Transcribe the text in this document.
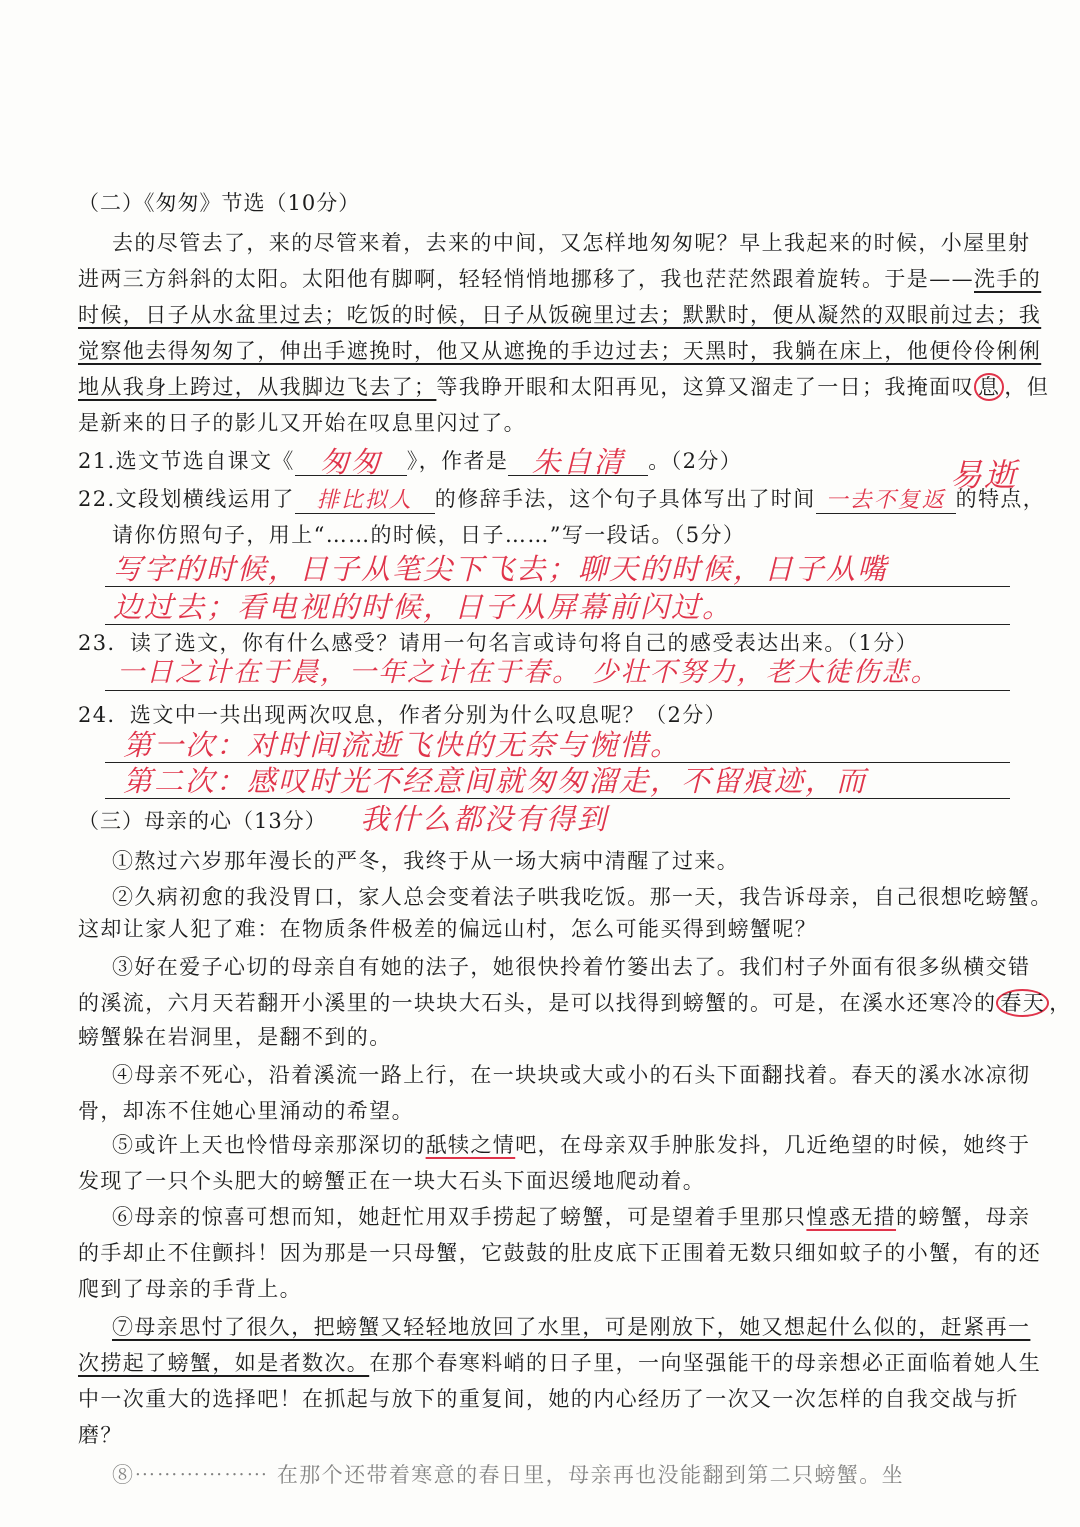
（二）《匆匆》节选（10分）
去的尽管去了，来的尽管来着，去来的中间，又怎样地匆匆呢？早上我起来的时候，小屋里射
进两三方斜斜的太阳。太阳他有脚啊，轻轻悄悄地挪移了，我也茫茫然跟着旋转。于是——洗手的
时候，日子从水盆里过去；吃饭的时候，日子从饭碗里过去；默默时，便从凝然的双眼前过去；我
觉察他去得匆匆了，伸出手遮挽时，他又从遮挽的手边过去；天黑时，我躺在床上，他便伶伶俐俐
地从我身上跨过，从我脚边飞去了；等我睁开眼和太阳再见，这算又溜走了一日；我掩面叹 息 ，但
是新来的日子的影儿又开始在叹息里闪过了。
21.选文节选自课文《 匆匆 》，作者是 朱自清 。（2分）
22.文段划横线运用了 排比拟人 的修辞手法，这个句子具体写出了时间 一去不复返 的特点，
易逝
请你仿照句子，用上“……的时候，日子……”写一段话。（5分）
写字的时候，日子从笔尖下飞去；聊天的时候，日子从嘴
边过去；看电视的时候，日子从屏幕前闪过。
23．读了选文，你有什么感受？请用一句名言或诗句将自己的感受表达出来。（1分）
一日之计在于晨，一年之计在于春。 少壮不努力，老大徒伤悲。
24．选文中一共出现两次叹息，作者分别为什么叹息呢？（2分）
第一次：对时间流逝飞快的无奈与惋惜。
第二次：感叹时光不经意间就匆匆溜走，不留痕迹，而
（三）母亲的心（13分）	我什么都没有得到
①熬过六岁那年漫长的严冬，我终于从一场大病中清醒了过来。
②久病初愈的我没胃口，家人总会变着法子哄我吃饭。那一天，我告诉母亲，自己很想吃螃蟹。
这却让家人犯了难：在物质条件极差的偏远山村，怎么可能买得到螃蟹呢？
③好在爱子心切的母亲自有她的法子，她很快拎着竹篓出去了。我们村子外面有很多纵横交错
的溪流，六月天若翻开小溪里的一块块大石头，是可以找得到螃蟹的。可是，在溪水还寒冷的 春天 ，
螃蟹躲在岩洞里，是翻不到的。
④母亲不死心，沿着溪流一路上行，在一块块或大或小的石头下面翻找着。春天的溪水冰凉彻
骨，却冻不住她心里涌动的希望。
⑤或许上天也怜惜母亲那深切的舐犊之情吧，在母亲双手肿胀发抖，几近绝望的时候，她终于
发现了一只个头肥大的螃蟹正在一块大石头下面迟缓地爬动着。
⑥母亲的惊喜可想而知，她赶忙用双手捞起了螃蟹，可是望着手里那只惶惑无措的螃蟹，母亲
的手却止不住颤抖！因为那是一只母蟹，它鼓鼓的肚皮底下正围着无数只细如蚊子的小蟹，有的还
爬到了母亲的手背上。
⑦母亲思忖了很久，把螃蟹又轻轻地放回了水里，可是刚放下，她又想起什么似的，赶紧再一
次捞起了螃蟹，如是者数次。在那个春寒料峭的日子里，一向坚强能干的母亲想必正面临着她人生
中一次重大的选择吧！在抓起与放下的重复间，她的内心经历了一次又一次怎样的自我交战与折
磨？
⑧⋯⋯⋯⋯⋯⋯ 在那个还带着寒意的春日里，母亲再也没能翻到第二只螃蟹。坐
